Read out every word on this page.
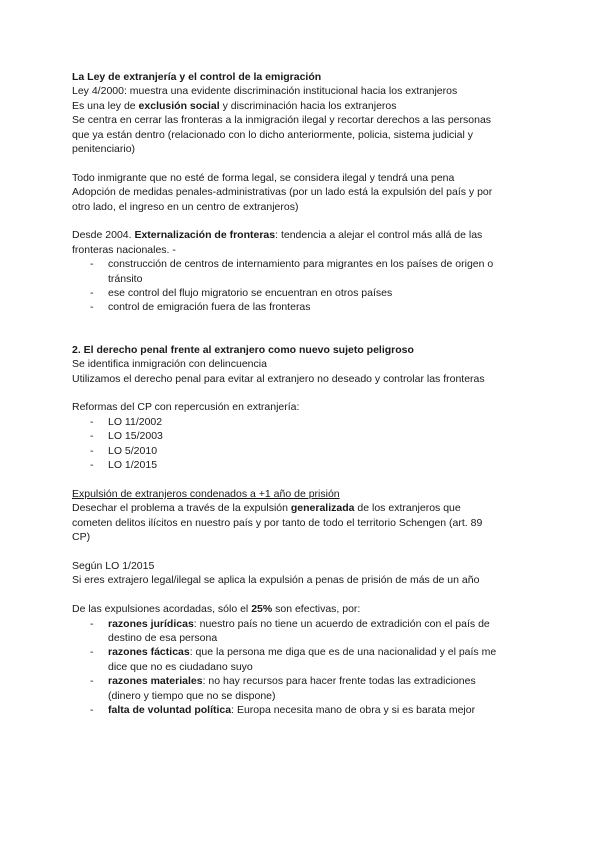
La Ley de extranjería y el control de la emigración

Ley 4/2000: muestra una evidente discriminación institucional hacia los extranjeros

Es una ley de exclusión social y discriminación hacia los extranjeros

Se centra en cerrar las fronteras a la inmigración ilegal y recortar derechos a las personas

que ya están dentro (relacionado con lo dicho anteriormente, policia, sistema judicial y

penitenciario)

Todo inmigrante que no esté de forma legal, se considera ilegal y tendrá una pena

Adopción de medidas penales-administrativas (por un lado está la expulsión del país y por

otro lado, el ingreso en un centro de extranjeros)

Desde 2004. Externalización de fronteras: tendencia a alejar el control más allá de las

fronteras nacionales. -

- construcción de centros de internamiento para migrantes en los países de origen o
tránsito
- ese control del flujo migratorio se encuentran en otros países
- control de emigración fuera de las fronteras

2. El derecho penal frente al extranjero como nuevo sujeto peligroso

Se identifica inmigración con delincuencia

Utilizamos el derecho penal para evitar al extranjero no deseado y controlar las fronteras

Reformas del CP con repercusión en extranjería:

- LO 11/2002
- LO 15/2003
- LO 5/2010
- LO 1/2015

Expulsión de extranjeros condenados a +1 año de prisión

Desechar el problema a través de la expulsión generalizada de los extranjeros que

cometen delitos ilícitos en nuestro país y por tanto de todo el territorio Schengen (art. 89

CP)

Según LO 1/2015

Si eres extrajero legal/ilegal se aplica la expulsión a penas de prisión de más de un año

De las expulsiones acordadas, sólo el 25% son efectivas, por:

- razones jurídicas: nuestro país no tiene un acuerdo de extradición con el país de
destino de esa persona
- razones fácticas: que la persona me diga que es de una nacionalidad y el país me
dice que no es ciudadano suyo
- razones materiales: no hay recursos para hacer frente todas las extradiciones
(dinero y tiempo que no se dispone)
- falta de voluntad política: Europa necesita mano de obra y si es barata mejor
